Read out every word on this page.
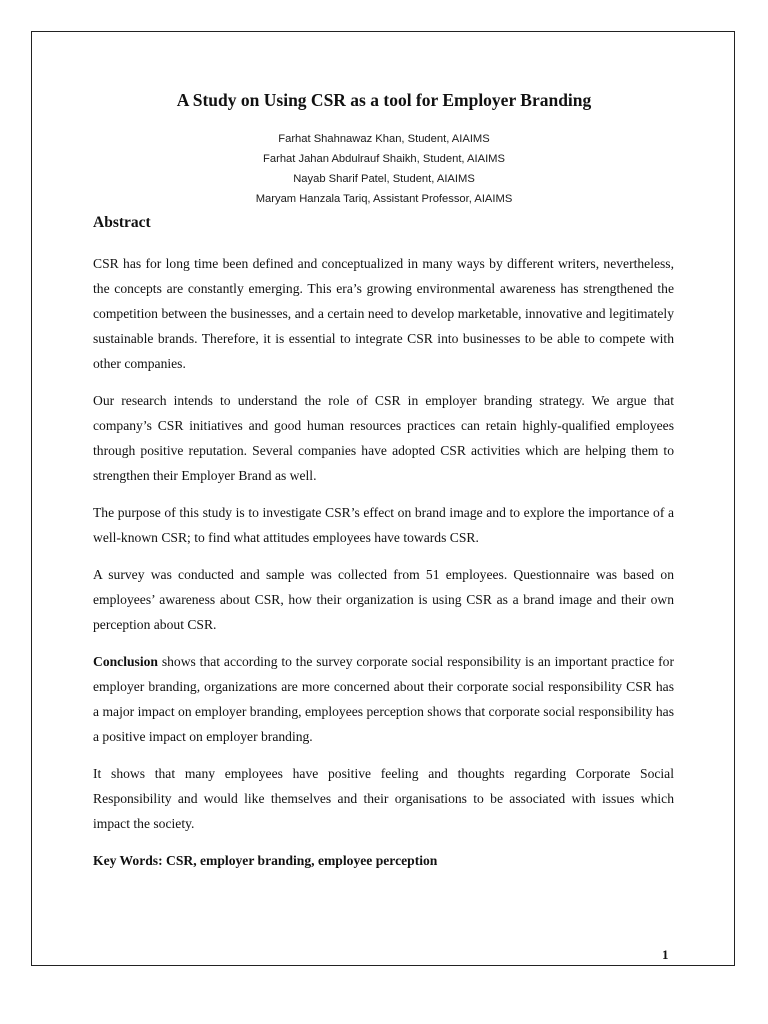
A Study on Using CSR as a tool for Employer Branding
Farhat Shahnawaz Khan, Student, AIAIMS
Farhat Jahan Abdulrauf Shaikh, Student, AIAIMS
Nayab Sharif Patel, Student, AIAIMS
Maryam Hanzala Tariq, Assistant Professor, AIAIMS
Abstract

CSR has for long time been defined and conceptualized in many ways by different writers, nevertheless, the concepts are constantly emerging. This era’s growing environmental awareness has strengthened the competition between the businesses, and a certain need to develop marketable, innovative and legitimately sustainable brands. Therefore, it is essential to integrate CSR into businesses to be able to compete with other companies.

Our research intends to understand the role of CSR in employer branding strategy. We argue that company’s CSR initiatives and good human resources practices can retain highly-qualified employees through positive reputation. Several companies have adopted CSR activities which are helping them to strengthen their Employer Brand as well.

The purpose of this study is to investigate CSR’s effect on brand image and to explore the importance of a well-known CSR; to find what attitudes employees have towards CSR.

A survey was conducted and sample was collected from 51 employees. Questionnaire was based on employees’ awareness about CSR, how their organization is using CSR as a brand image and their own perception about CSR.

Conclusion shows that according to the survey corporate social responsibility is an important practice for employer branding, organizations are more concerned about their corporate social responsibility CSR has a major impact on employer branding, employees perception shows that corporate social responsibility has a positive impact on employer branding.

It shows that many employees have positive feeling and thoughts regarding Corporate Social Responsibility and would like themselves and their organisations to be associated with issues which impact the society.

Key Words: CSR, employer branding, employee perception

1
